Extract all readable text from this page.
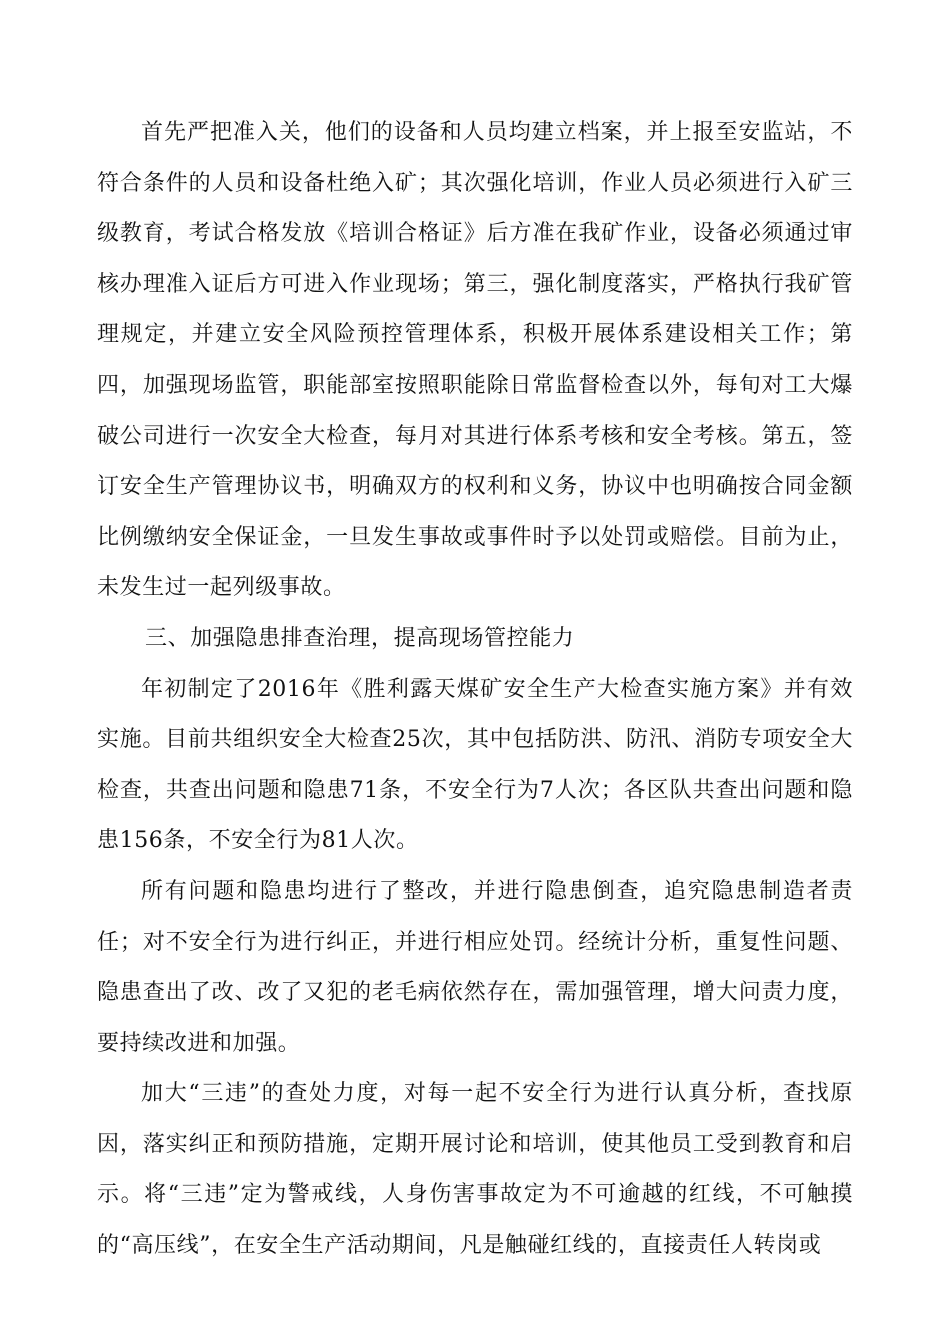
首先严把准入关，他们的设备和人员均建立档案，并上报至安监站，不符合条件的人员和设备杜绝入矿；其次强化培训，作业人员必须进行入矿三级教育，考试合格发放《培训合格证》后方准在我矿作业，设备必须通过审核办理准入证后方可进入作业现场；第三，强化制度落实，严格执行我矿管理规定，并建立安全风险预控管理体系，积极开展体系建设相关工作；第四，加强现场监管，职能部室按照职能除日常监督检查以外，每旬对工大爆破公司进行一次安全大检查，每月对其进行体系考核和安全考核。第五，签订安全生产管理协议书，明确双方的权利和义务，协议中也明确按合同金额比例缴纳安全保证金，一旦发生事故或事件时予以处罚或赔偿。目前为止，未发生过一起列级事故。

三、加强隐患排查治理，提高现场管控能力

年初制定了2016年《胜利露天煤矿安全生产大检查实施方案》并有效实施。目前共组织安全大检查25次，其中包括防洪、防汛、消防专项安全大检查，共查出问题和隐患71条，不安全行为7人次；各区队共查出问题和隐患156条，不安全行为81人次。

所有问题和隐患均进行了整改，并进行隐患倒查，追究隐患制造者责任；对不安全行为进行纠正，并进行相应处罚。经统计分析，重复性问题、隐患查出了改、改了又犯的老毛病依然存在，需加强管理，增大问责力度，要持续改进和加强。

加大“三违”的查处力度，对每一起不安全行为进行认真分析，查找原因，落实纠正和预防措施，定期开展讨论和培训，使其他员工受到教育和启示。将“三违”定为警戒线，人身伤害事故定为不可逾越的红线，不可触摸的“高压线”，在安全生产活动期间，凡是触碰红线的，直接责任人转岗或
